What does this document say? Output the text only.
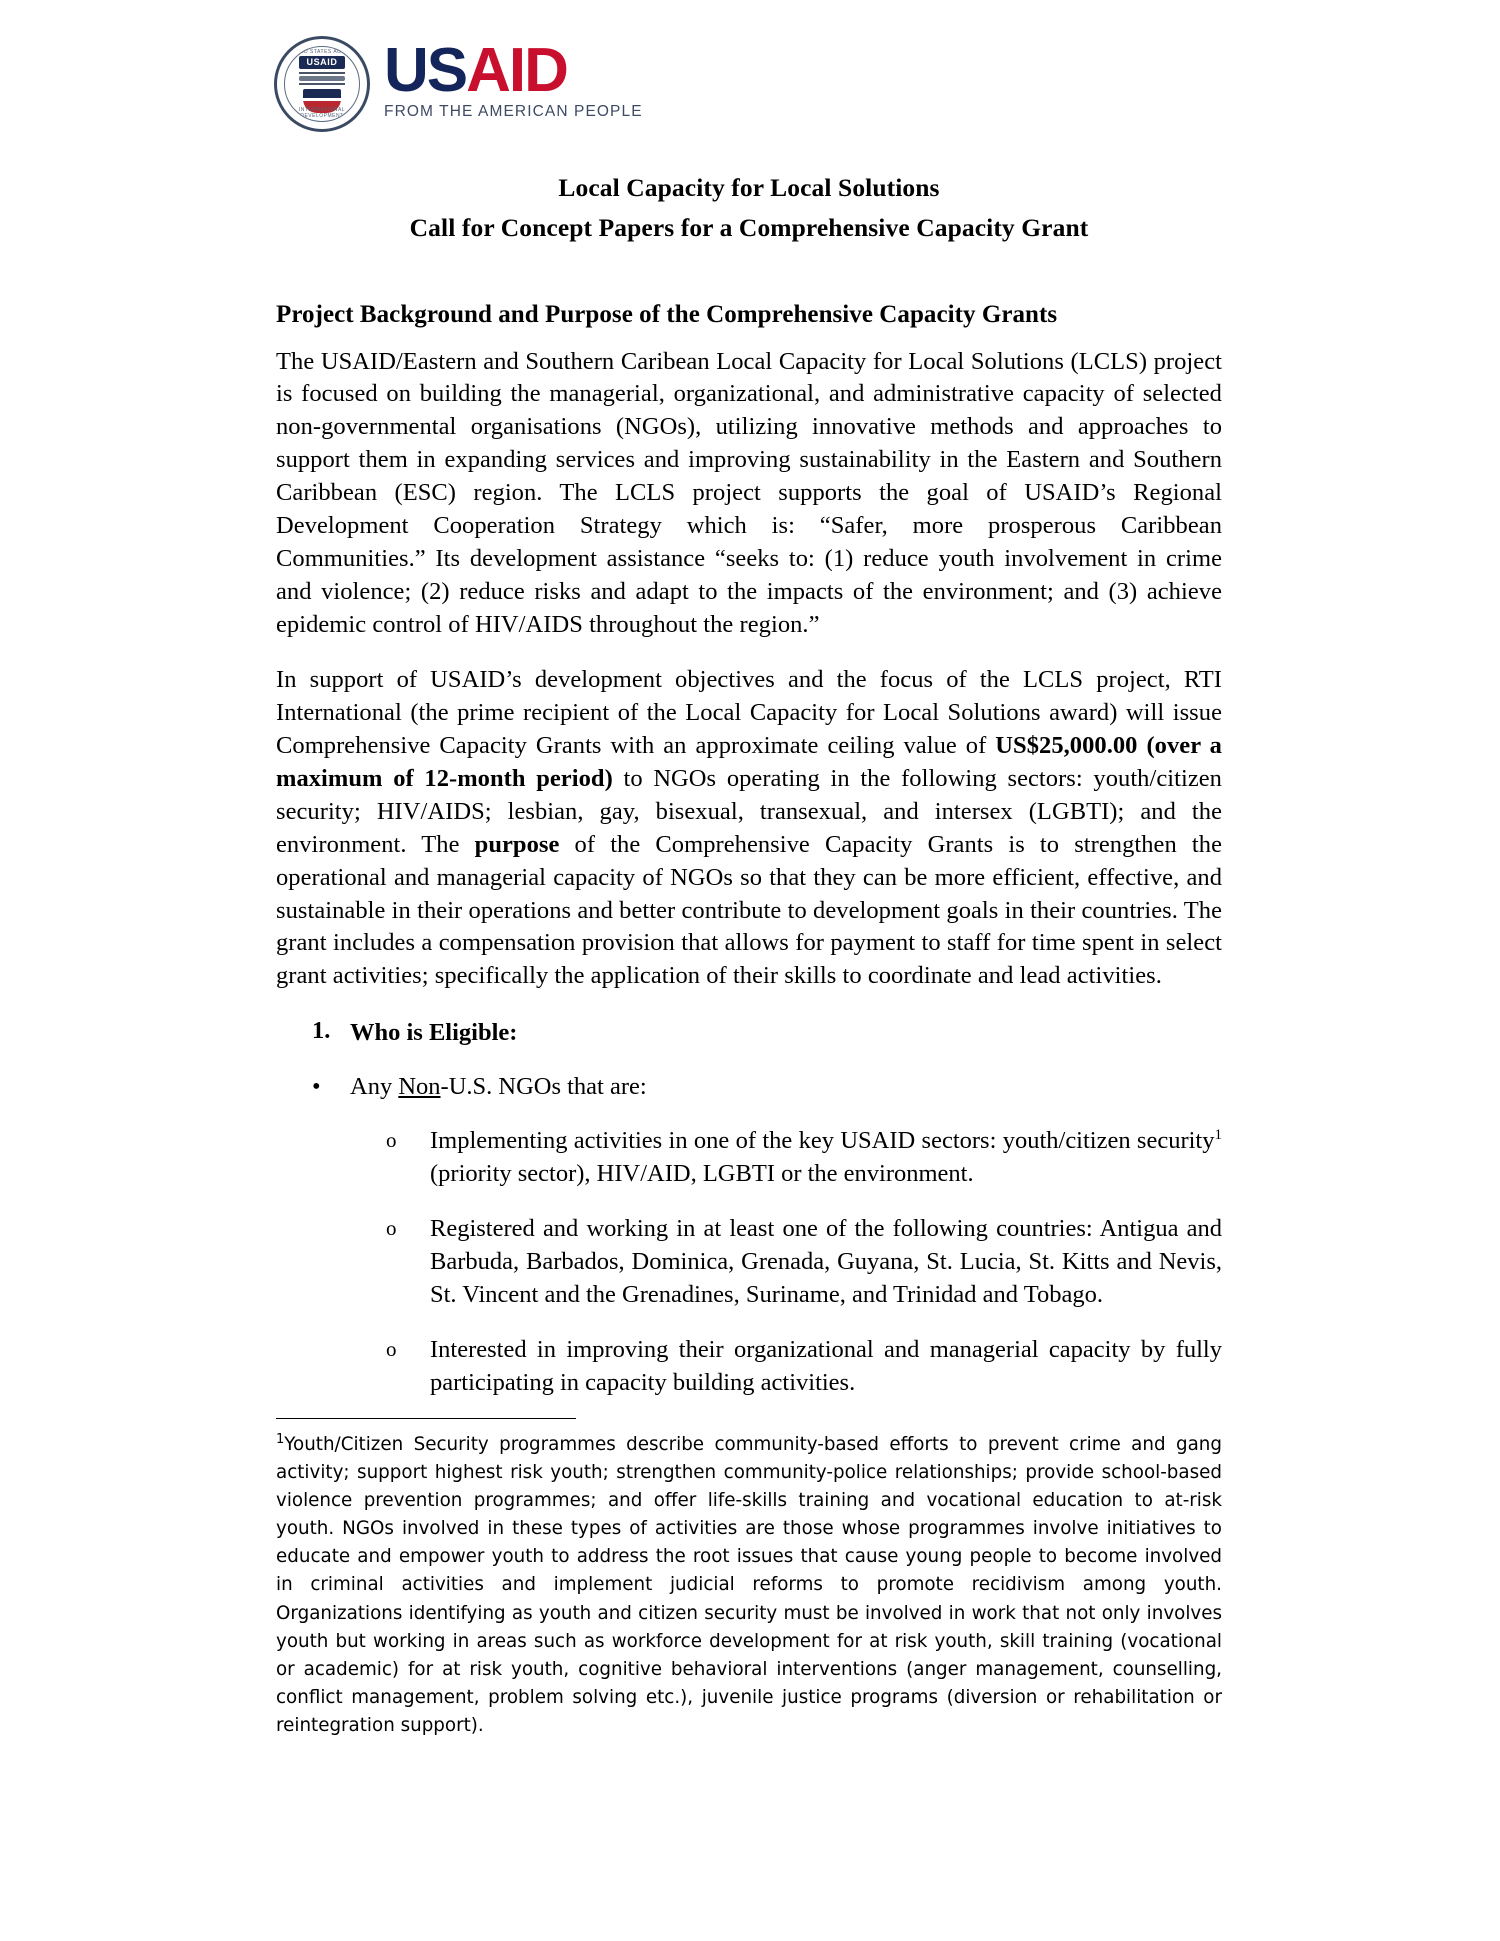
UNITED STATES AGENCY
USAID
INTERNATIONAL DEVELOPMENT
USAID
FROM THE AMERICAN PEOPLE
Local Capacity for Local Solutions
Call for Concept Papers for a Comprehensive Capacity Grant
Project Background and Purpose of the Comprehensive Capacity Grants

The USAID/Eastern and Southern Caribean Local Capacity for Local Solutions (LCLS) project is focused on building the managerial, organizational, and administrative capacity of selected non-governmental organisations (NGOs), utilizing innovative methods and approaches to support them in expanding services and improving sustainability in the Eastern and Southern Caribbean (ESC) region. The LCLS project supports the goal of USAID’s Regional Development Cooperation Strategy which is: “Safer, more prosperous Caribbean Communities.” Its development assistance “seeks to: (1) reduce youth involvement in crime and violence; (2) reduce risks and adapt to the impacts of the environment; and (3) achieve epidemic control of HIV/AIDS throughout the region.”

In support of USAID’s development objectives and the focus of the LCLS project, RTI International (the prime recipient of the Local Capacity for Local Solutions award) will issue Comprehensive Capacity Grants with an approximate ceiling value of US$25,000.00 (over a maximum of 12-month period) to NGOs operating in the following sectors: youth/citizen security; HIV/AIDS; lesbian, gay, bisexual, transexual, and intersex (LGBTI); and the environment. The purpose of the Comprehensive Capacity Grants is to strengthen the operational and managerial capacity of NGOs so that they can be more efficient, effective, and sustainable in their operations and better contribute to development goals in their countries. The grant includes a compensation provision that allows for payment to staff for time spent in select grant activities; specifically the application of their skills to coordinate and lead activities.

1. Who is Eligible:
•	Any Non-U.S. NGOs that are:
o	Implementing activities in one of the key USAID sectors: youth/citizen security$^1$ (priority sector), HIV/AID, LGBTI or the environment.
o	Registered and working in at least one of the following countries: Antigua and Barbuda, Barbados, Dominica, Grenada, Guyana, St. Lucia, St. Kitts and Nevis, St. Vincent and the Grenadines, Suriname, and Trinidad and Tobago.
o	Interested in improving their organizational and managerial capacity by fully participating in capacity building activities.

$^1$Youth/Citizen Security programmes describe community-based efforts to prevent crime and gang activity; support highest risk youth; strengthen community-police relationships; provide school-based violence prevention programmes; and offer life-skills training and vocational education to at-risk youth. NGOs involved in these types of activities are those whose programmes involve initiatives to educate and empower youth to address the root issues that cause young people to become involved in criminal activities and implement judicial reforms to promote recidivism among youth. Organizations identifying as youth and citizen security must be involved in work that not only involves youth but working in areas such as workforce development for at risk youth, skill training (vocational or academic) for at risk youth, cognitive behavioral interventions (anger management, counselling, conflict management, problem solving etc.), juvenile justice programs (diversion or rehabilitation or reintegration support).
